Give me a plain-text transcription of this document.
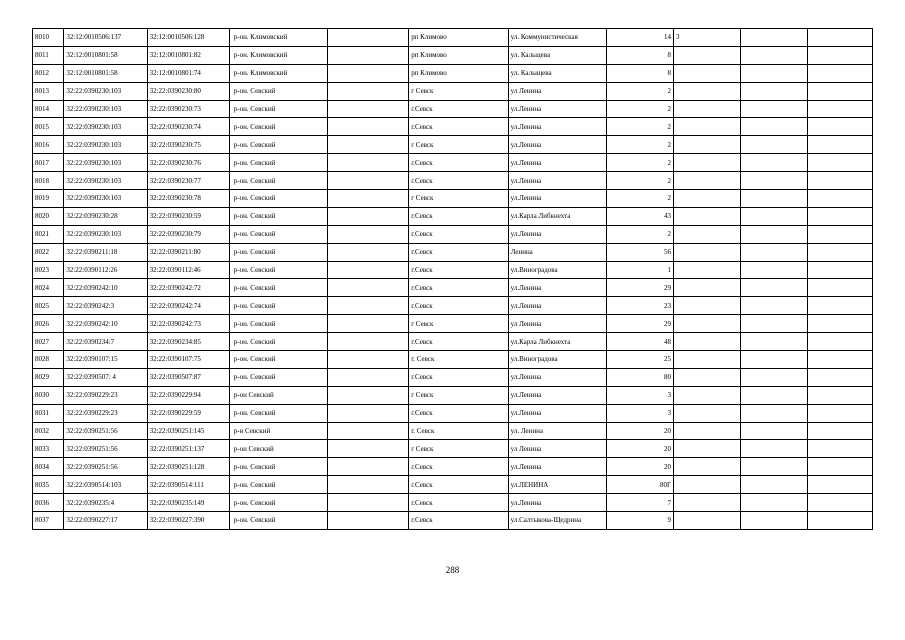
8010	32:12:0010506:137	32:12:0010506:128	р-он. Климовский		рп Климово	ул. Коммунистическая	14	3		
8011	32:12:0010801:58	32:12:0010801:82	р-он. Климовский		рп Климово	ул. Кальщева	8			
8012	32:12:0010801:58	32:12:0010801:74	р-он. Климовский		рп Климово	ул. Калыщева	8			
8013	32:22:0390230:103	32:22:0390230:80	р-он. Севский		г Севск	ул Ленина	2			
8014	32:22:0390230:103	32:22:0390230:73	р-он. Севский		г.Севск	ул.Ленина	2			
8015	32:22:0390230:103	32:22:0390230:74	р-он. Севский		г.Севск	ул.Ленина	2			
8016	32:22:0390230:103	32:22:0390230:75	р-он. Севский		г Севск	ул.Ленина	2			
8017	32:22:0390230:103	32:22:0390230:76	р-он. Севский		г.Севск	ул.Ленина	2			
8018	32:22:0390230:103	32:22:0390230:77	р-он. Севский		г.Севск	ул.Ленина	2			
8019	32:22:0390230:103	32:22:0390230:78	р-он. Севский		г Севск	ул.Ленина	2			
8020	32:22:0390230:28	32:22:0390230:59	р-он. Севский		г.Севск	ул.Карла Либкнехта	43			
8021	32:22:0390230:103	32:22:0390230:79	р-он. Севский		г.Севск	ул.Ленина	2			
8022	32:22:0390211:18	32:22:0390211:80	р-он. Севский		г.Севск	Ленина	56			
8023	32:22:0390112:26	32:22:0390112:46	р-он. Севский		г.Севск	ул.Виноградова	1			
8024	32:22:0390242:10	32:22:0390242:72	р-он. Севский		г.Севск	ул.Ленина	29			
8025	32:22:0390242:3	32:22:0390242:74	р-он. Севский		г.Севск	ул.Ленина	23			
8026	32:22:0390242:10	32:22:0390242:73	р-он. Севский		г Севск	ул Ленина	29			
8027	32:22:0390234:7	32:22:0390234:85	р-он. Севский		г.Севск	ул.Карла Либкнехта	48			
8028	32:22:0390107:15	32:22:0390107:75	р-он. Севский		г. Севск	ул.Виноградова	25			
8029	32:22:0390507: 4	32:22:0390507:87	р-он. Севский		г.Севск	ул.Ленина	80			
8030	32:22:0390229:23	32:22:0390229:94	р-он Севский		г Севск	ул.Ленина	3			
8031	32:22:0390229:23	32:22:0390229:59	р-он. Севский		г.Севск	ул.Ленина	3			
8032	32:22:0390251:56	32:22:0390251:145	р-н Севский		г. Севск	ул. Ленина	20			
8033	32:22:0390251:56	32:22:0390251:137	р-он Севский		г Севск	ул Ленина	20			
8034	32:22:0390251:56	32:22:0390251:128	р-он. Севский		г.Севск	ул.Ленина	20			
8035	32:22:0390514:103	32:22:0390514:111	р-он. Севский		г.Севск	ул.ЛЕНИНА	80Г			
8036	32:22:0390235:4	32:22:0390235:149	р-он. Севский		г.Севск	ул.Ленина	7			
8037	32:22:0390227:17	32:22:0390227:390	р-он. Севский		г.Севск	ул.Салтыкова-Щедрина	9			
288
